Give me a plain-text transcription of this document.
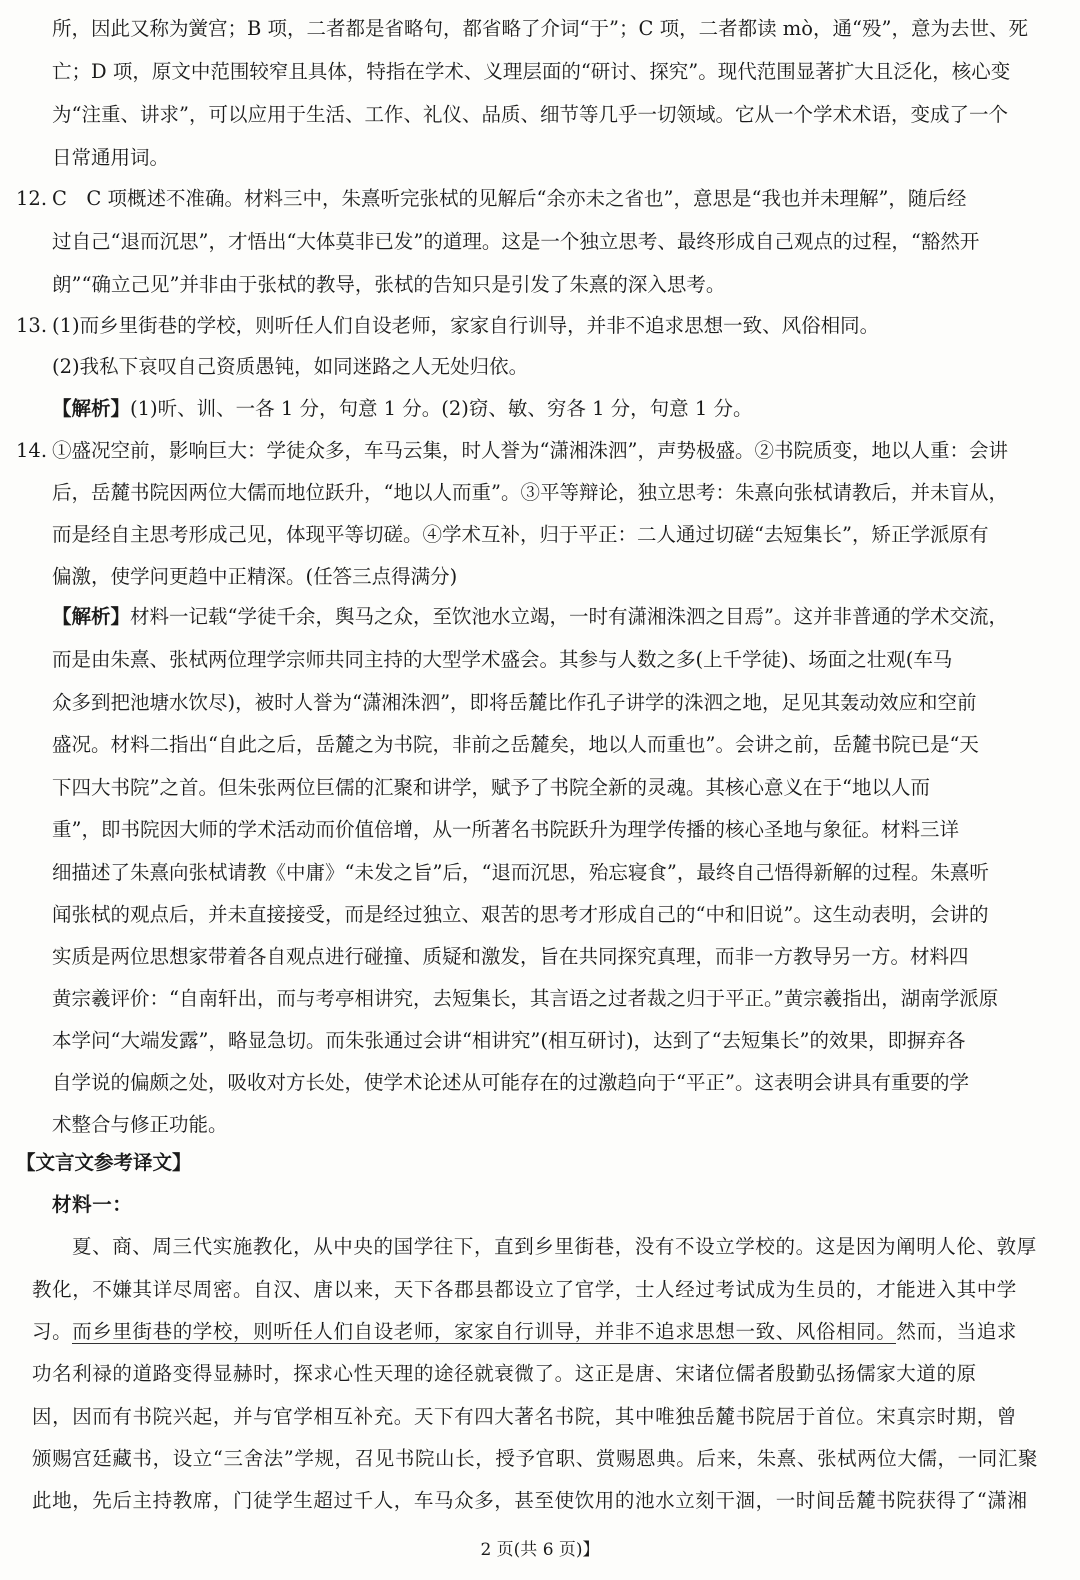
所，因此又称为黉宫；B 项，二者都是省略句，都省略了介词“于”；C 项，二者都读 mò，通“殁”，意为去世、死
亡；D 项，原文中范围较窄且具体，特指在学术、义理层面的“研讨、探究”。现代范围显著扩大且泛化，核心变
为“注重、讲求”，可以应用于生活、工作、礼仪、品质、细节等几乎一切领域。它从一个学术术语，变成了一个
日常通用词。
12. C　C 项概述不准确。材料三中，朱熹听完张栻的见解后“余亦未之省也”，意思是“我也并未理解”，随后经
过自己“退而沉思”，才悟出“大体莫非已发”的道理。这是一个独立思考、最终形成自己观点的过程，“豁然开
朗”“确立己见”并非由于张栻的教导，张栻的告知只是引发了朱熹的深入思考。
13. (1)而乡里街巷的学校，则听任人们自设老师，家家自行训导，并非不追求思想一致、风俗相同。
(2)我私下哀叹自己资质愚钝，如同迷路之人无处归依。
【解析】(1)听、训、一各 1 分，句意 1 分。(2)窃、敏、穷各 1 分，句意 1 分。
14. ①盛况空前，影响巨大：学徒众多，车马云集，时人誉为“潇湘洙泗”，声势极盛。②书院质变，地以人重：会讲
后，岳麓书院因两位大儒而地位跃升，“地以人而重”。③平等辩论，独立思考：朱熹向张栻请教后，并未盲从，
而是经自主思考形成己见，体现平等切磋。④学术互补，归于平正：二人通过切磋“去短集长”，矫正学派原有
偏激，使学问更趋中正精深。(任答三点得满分)
【解析】材料一记载“学徒千余，舆马之众，至饮池水立竭，一时有潇湘洙泗之目焉”。这并非普通的学术交流，
而是由朱熹、张栻两位理学宗师共同主持的大型学术盛会。其参与人数之多(上千学徒)、场面之壮观(车马
众多到把池塘水饮尽)，被时人誉为“潇湘洙泗”，即将岳麓比作孔子讲学的洙泗之地，足见其轰动效应和空前
盛况。材料二指出“自此之后，岳麓之为书院，非前之岳麓矣，地以人而重也”。会讲之前，岳麓书院已是“天
下四大书院”之首。但朱张两位巨儒的汇聚和讲学，赋予了书院全新的灵魂。其核心意义在于“地以人而
重”，即书院因大师的学术活动而价值倍增，从一所著名书院跃升为理学传播的核心圣地与象征。材料三详
细描述了朱熹向张栻请教《中庸》“未发之旨”后，“退而沉思，殆忘寝食”，最终自己悟得新解的过程。朱熹听
闻张栻的观点后，并未直接接受，而是经过独立、艰苦的思考才形成自己的“中和旧说”。这生动表明，会讲的
实质是两位思想家带着各自观点进行碰撞、质疑和激发，旨在共同探究真理，而非一方教导另一方。材料四
黄宗羲评价：“自南轩出，而与考亭相讲究，去短集长，其言语之过者裁之归于平正。”黄宗羲指出，湖南学派原
本学问“大端发露”，略显急切。而朱张通过会讲“相讲究”(相互研讨)，达到了“去短集长”的效果，即摒弃各
自学说的偏颇之处，吸收对方长处，使学术论述从可能存在的过激趋向于“平正”。这表明会讲具有重要的学
术整合与修正功能。
【文言文参考译文】
材料一：
夏、商、周三代实施教化，从中央的国学往下，直到乡里街巷，没有不设立学校的。这是因为阐明人伦、敦厚
教化，不嫌其详尽周密。自汉、唐以来，天下各郡县都设立了官学，士人经过考试成为生员的，才能进入其中学
习。而乡里街巷的学校，则听任人们自设老师，家家自行训导，并非不追求思想一致、风俗相同。然而，当追求
功名利禄的道路变得显赫时，探求心性天理的途径就衰微了。这正是唐、宋诸位儒者殷勤弘扬儒家大道的原
因，因而有书院兴起，并与官学相互补充。天下有四大著名书院，其中唯独岳麓书院居于首位。宋真宗时期，曾
颁赐宫廷藏书，设立“三舍法”学规，召见书院山长，授予官职、赏赐恩典。后来，朱熹、张栻两位大儒，一同汇聚
此地，先后主持教席，门徒学生超过千人，车马众多，甚至使饮用的池水立刻干涸，一时间岳麓书院获得了“潇湘
2 页(共 6 页)】
